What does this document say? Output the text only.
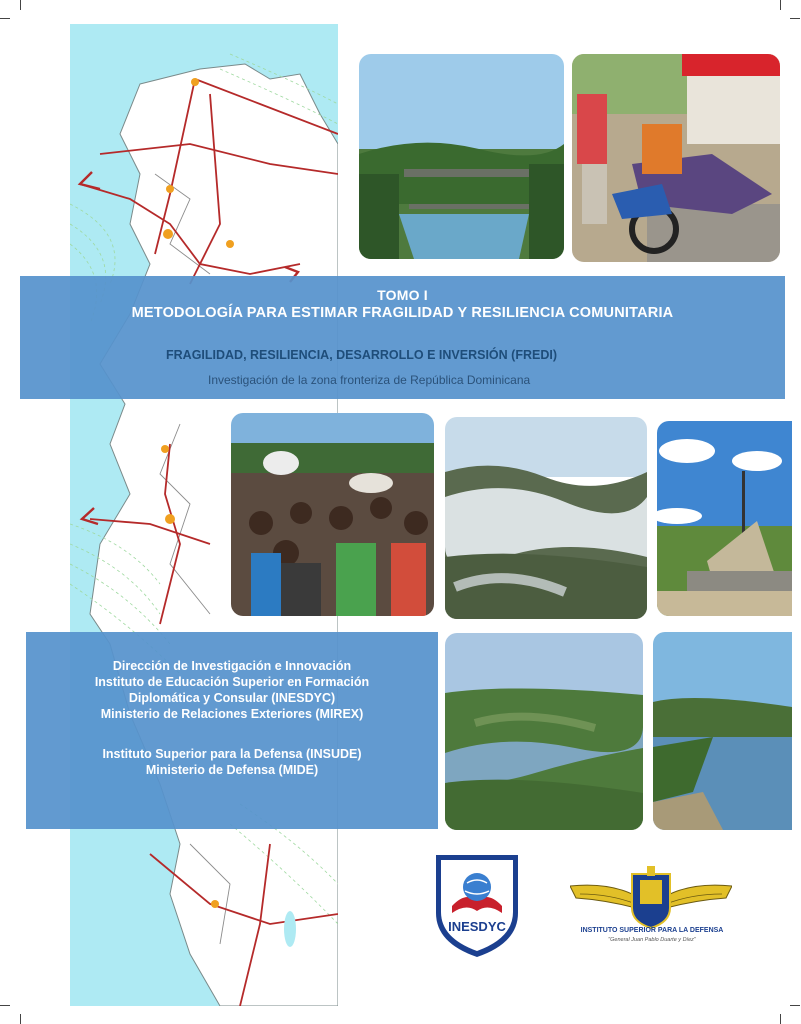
TOMO I
METODOLOGÍA PARA ESTIMAR FRAGILIDAD Y RESILIENCIA COMUNITARIA
FRAGILIDAD, RESILIENCIA, DESARROLLO E INVERSIÓN (FREDI)
Investigación de la zona fronteriza de República Dominicana
Dirección de Investigación e Innovación
Instituto de Educación Superior en Formación
Diplomática y Consular (INESDYC)
Ministerio de Relaciones Exteriores (MIREX)
Instituto Superior para la Defensa (INSUDE)
Ministerio de Defensa (MIDE)
INESDYC	INSTITUTO SUPERIOR PARA LA DEFENSA
"General Juan Pablo Duarte y Díez"
